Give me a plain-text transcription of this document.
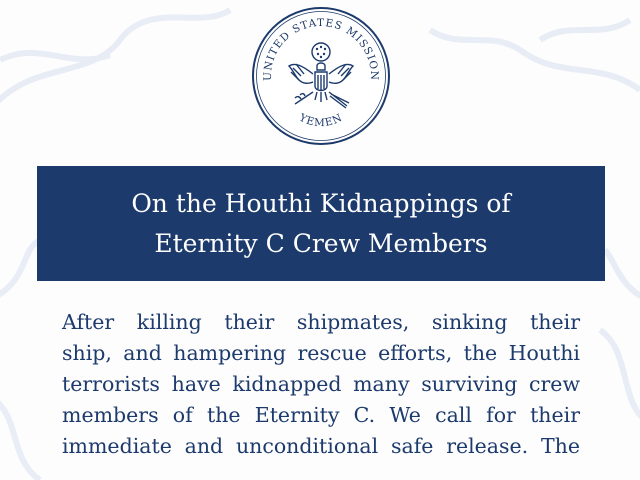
UNITED STATES MISSION
YEMEN
On the Houthi Kidnappings of
Eternity C Crew Members
After killing their shipmates, sinking their
ship, and hampering rescue efforts, the Houthi
terrorists have kidnapped many surviving crew
members of the Eternity C. We call for their
immediate and unconditional safe release. The
